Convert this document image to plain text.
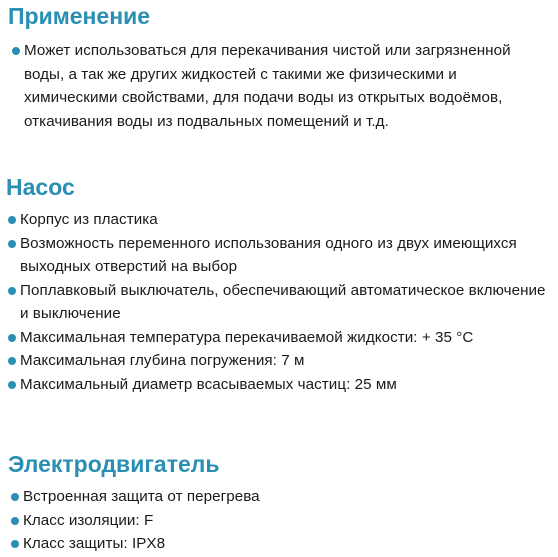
Применение
Может использоваться для перекачивания чистой или загрязненной воды, а так же других жидкостей с такими же физическими и химическими свойствами, для подачи воды из открытых водоёмов, откачивания воды из подвальных помещений и т.д.
Насос
Корпус из пластика
Возможность переменного использования одного из двух имеющихся выходных отверстий на выбор
Поплавковый выключатель, обеспечивающий автоматическое включение и выключение
Максимальная температура перекачиваемой жидкости: + 35 °С
Максимальная глубина погружения: 7 м
Максимальный диаметр всасываемых частиц: 25 мм
Электродвигатель
Встроенная защита от перегрева
Класс изоляции: F
Класс защиты: IPX8
